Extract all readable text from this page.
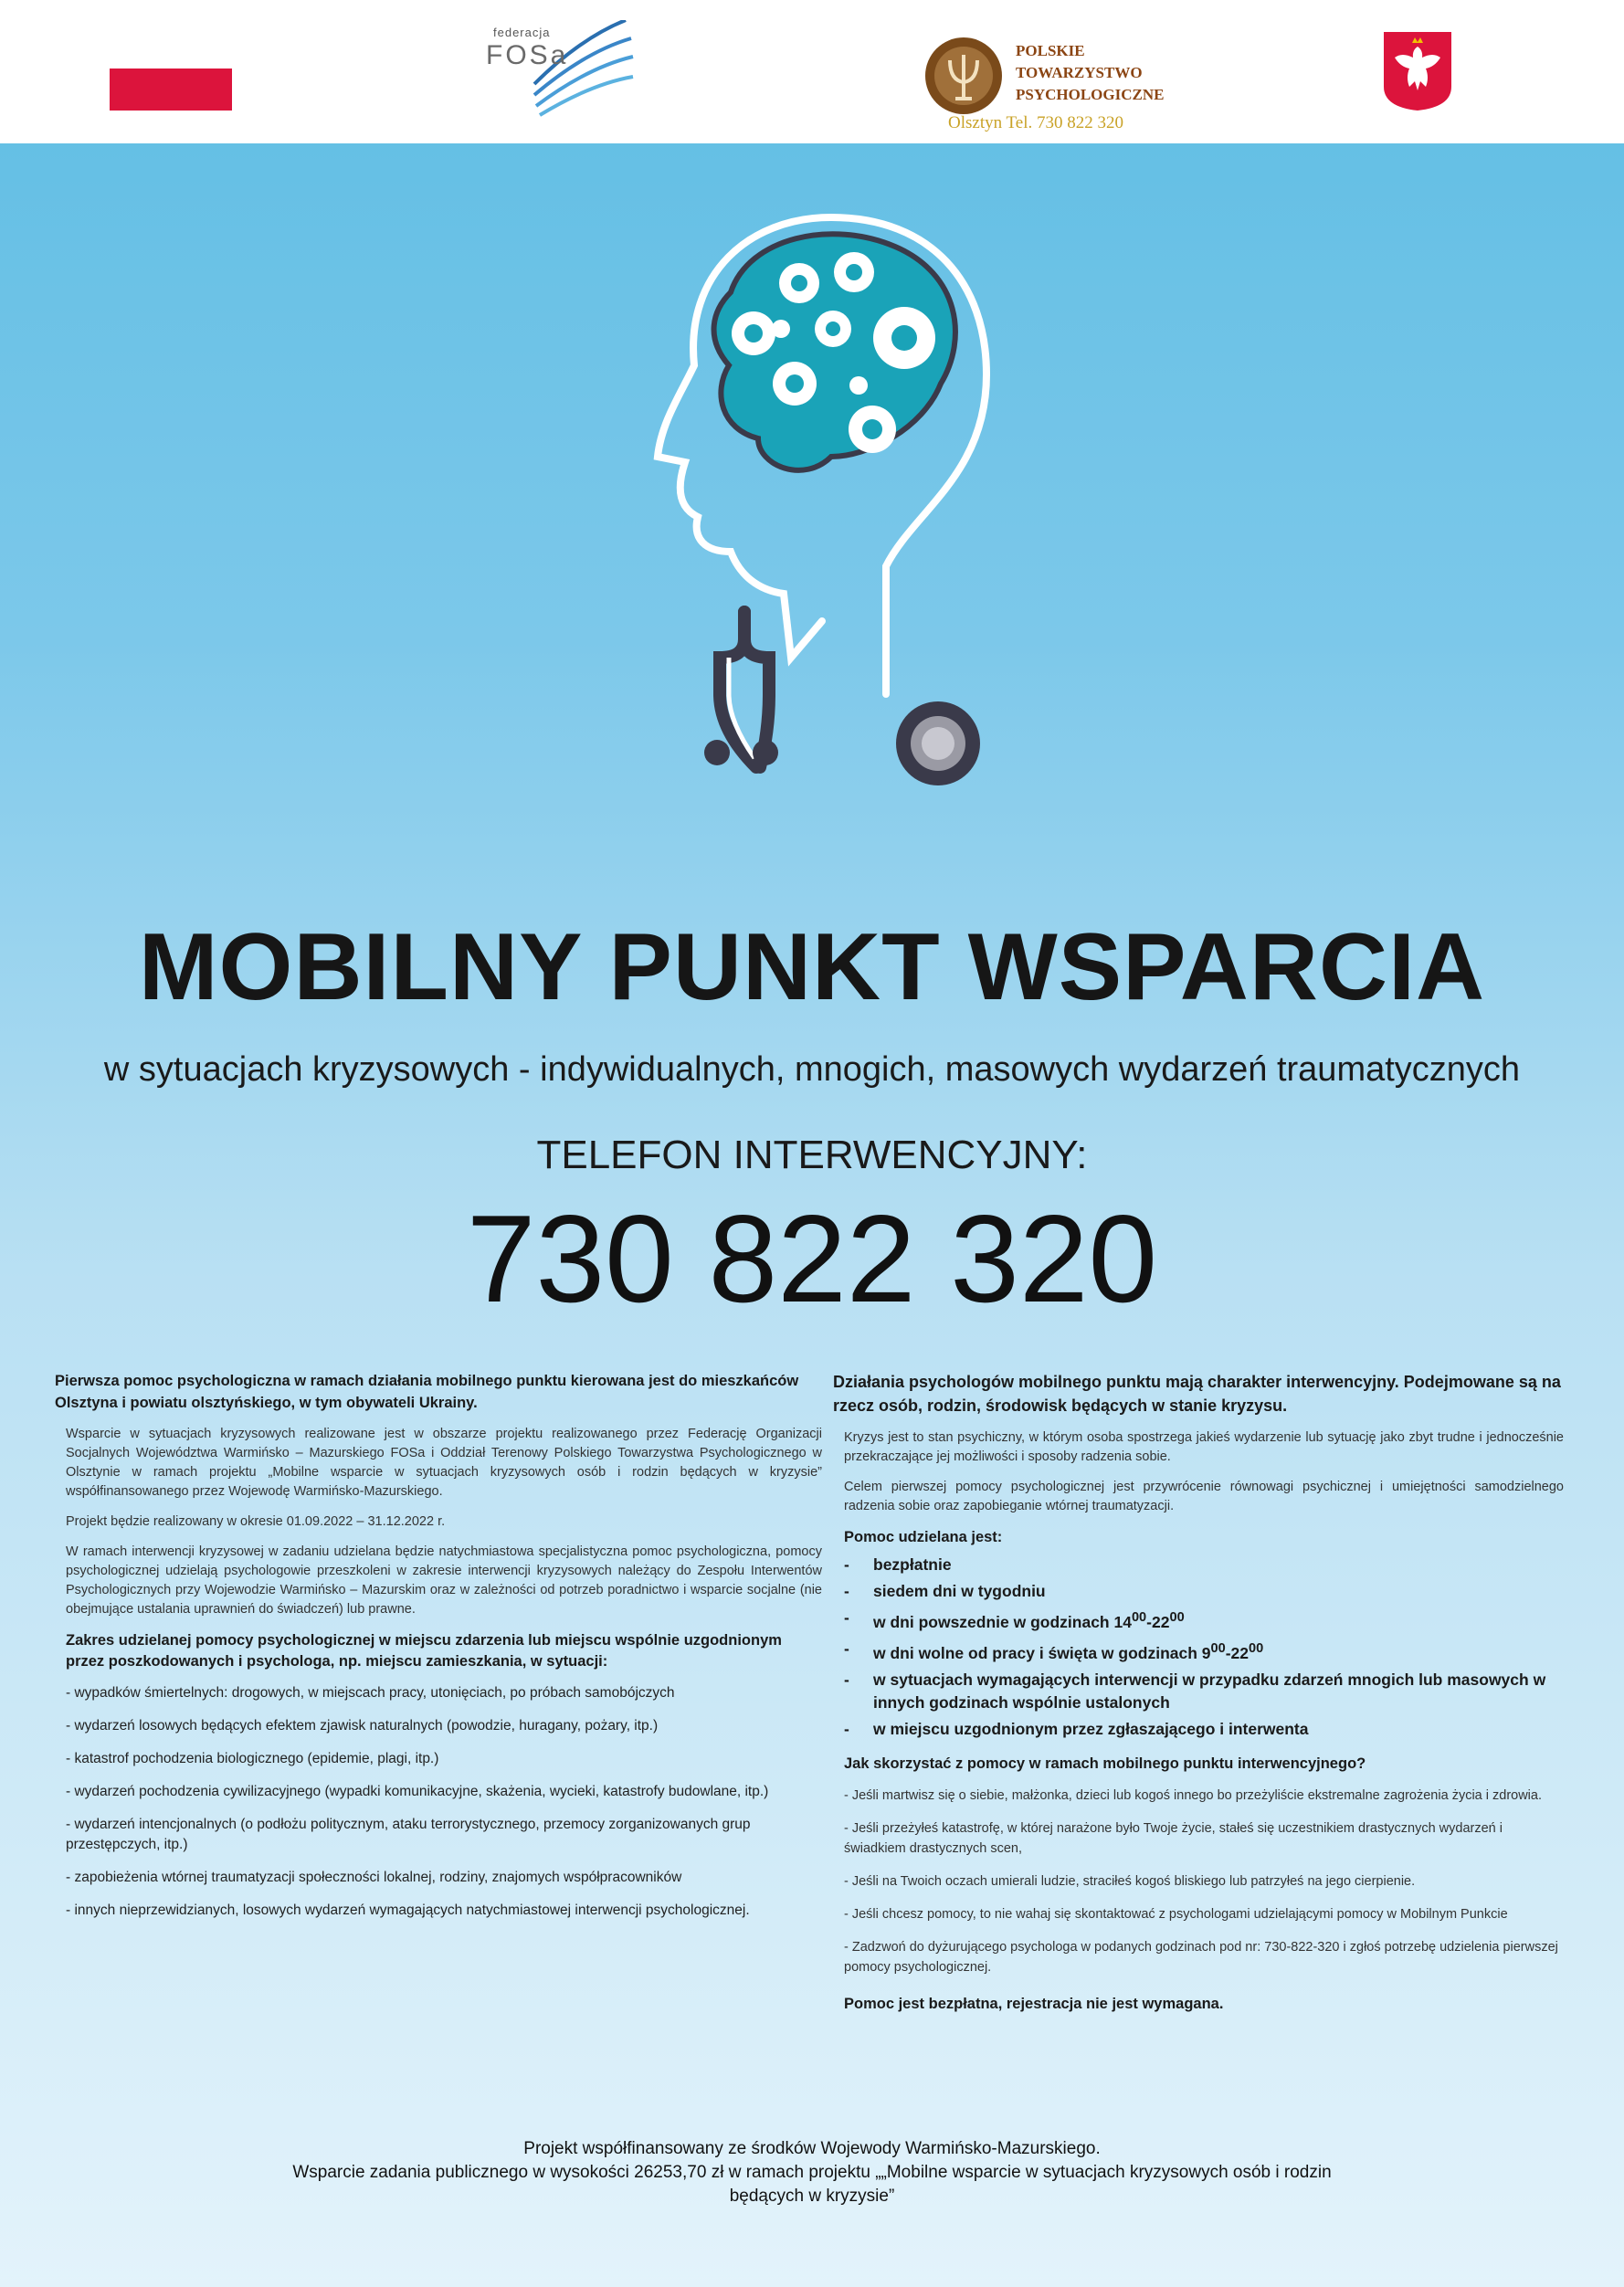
federacja
FOSa	POLSKIE
TOWARZYSTWO
PSYCHOLOGICZNE
Olsztyn Tel. 730 822 320
MOBILNY PUNKT WSPARCIA
w sytuacjach kryzysowych - indywidualnych, mnogich, masowych wydarzeń traumatycznych
TELEFON INTERWENCYJNY:
730 822 320

Pierwsza pomoc psychologiczna w ramach działania mobilnego punktu kierowana jest do mieszkańców Olsztyna i powiatu olsztyńskiego, w tym obywateli Ukrainy.

Wsparcie w sytuacjach kryzysowych realizowane jest w obszarze projektu realizowanego przez Federację Organizacji Socjalnych Województwa Warmińsko – Mazurskiego FOSa i Oddział Terenowy Polskiego Towarzystwa Psychologicznego w Olsztynie w ramach projektu „Mobilne wsparcie w sytuacjach kryzysowych osób i rodzin będących w kryzysie” współfinansowanego przez Wojewodę Warmińsko-Mazurskiego.

Projekt będzie realizowany w okresie 01.09.2022 – 31.12.2022 r.

W ramach interwencji kryzysowej w zadaniu udzielana będzie natychmiastowa specjalistyczna pomoc psychologiczna, pomocy psychologicznej udzielają psychologowie przeszkoleni w zakresie interwencji kryzysowych należący do Zespołu Interwentów Psychologicznych przy Wojewodzie Warmińsko – Mazurskim oraz w zależności od potrzeb poradnictwo i wsparcie socjalne (nie obejmujące ustalania uprawnień do świadczeń) lub prawne.

Zakres udzielanej pomocy psychologicznej w miejscu zdarzenia lub miejscu wspólnie uzgodnionym przez poszkodowanych i psychologa, np. miejscu zamieszkania, w sytuacji:

- wypadków śmiertelnych: drogowych, w miejscach pracy, utonięciach, po próbach samobójczych

- wydarzeń losowych będących efektem zjawisk naturalnych (powodzie, huragany, pożary, itp.)

- katastrof pochodzenia biologicznego (epidemie, plagi, itp.)

- wydarzeń pochodzenia cywilizacyjnego (wypadki komunikacyjne, skażenia, wycieki, katastrofy budowlane, itp.)

- wydarzeń intencjonalnych (o podłożu politycznym, ataku terrorystycznego, przemocy zorganizowanych grup przestępczych, itp.)

- zapobieżenia wtórnej traumatyzacji społeczności lokalnej, rodziny, znajomych współpracowników

- innych nieprzewidzianych, losowych wydarzeń wymagających natychmiastowej interwencji psychologicznej.

Działania psychologów mobilnego punktu mają charakter interwencyjny. Podejmowane są na rzecz osób, rodzin, środowisk będących w stanie kryzysu.

Kryzys jest to stan psychiczny, w którym osoba spostrzega jakieś wydarzenie lub sytuację jako zbyt trudne i jednocześnie przekraczające jej możliwości i sposoby radzenia sobie.

Celem pierwszej pomocy psychologicznej jest przywrócenie równowagi psychicznej i umiejętności samodzielnego radzenia sobie oraz zapobieganie wtórnej traumatyzacji.

Pomoc udzielana jest:

-	bezpłatnie
-	siedem dni w tygodniu
-	w dni powszednie w godzinach $14^{00}-22^{00}$
-	w dni wolne od pracy i święta w godzinach $9^{00}-22^{00}$
-	w sytuacjach wymagających interwencji w przypadku zdarzeń mnogich lub masowych w innych godzinach wspólnie ustalonych
-	w miejscu uzgodnionym przez zgłaszającego i interwenta

Jak skorzystać z pomocy w ramach mobilnego punktu interwencyjnego?

- Jeśli martwisz się o siebie, małżonka, dzieci lub kogoś innego bo przeżyliście ekstremalne zagrożenia życia i zdrowia.

- Jeśli przeżyłeś katastrofę, w której narażone było Twoje życie, stałeś się uczestnikiem drastycznych wydarzeń i świadkiem drastycznych scen,

- Jeśli na Twoich oczach umierali ludzie, straciłeś kogoś bliskiego lub patrzyłeś na jego cierpienie.

- Jeśli chcesz pomocy, to nie wahaj się skontaktować z psychologami udzielającymi pomocy w Mobilnym Punkcie

- Zadzwoń do dyżurującego psychologa w podanych godzinach pod nr: 730-822-320 i zgłoś potrzebę udzielenia pierwszej pomocy psychologicznej.

Pomoc jest bezpłatna, rejestracja nie jest wymagana.

Projekt współfinansowany ze środków Wojewody Warmińsko-Mazurskiego.
Wsparcie zadania publicznego w wysokości 26253,70 zł w ramach projektu „„Mobilne wsparcie w sytuacjach kryzysowych osób i rodzin
będących w kryzysie”
